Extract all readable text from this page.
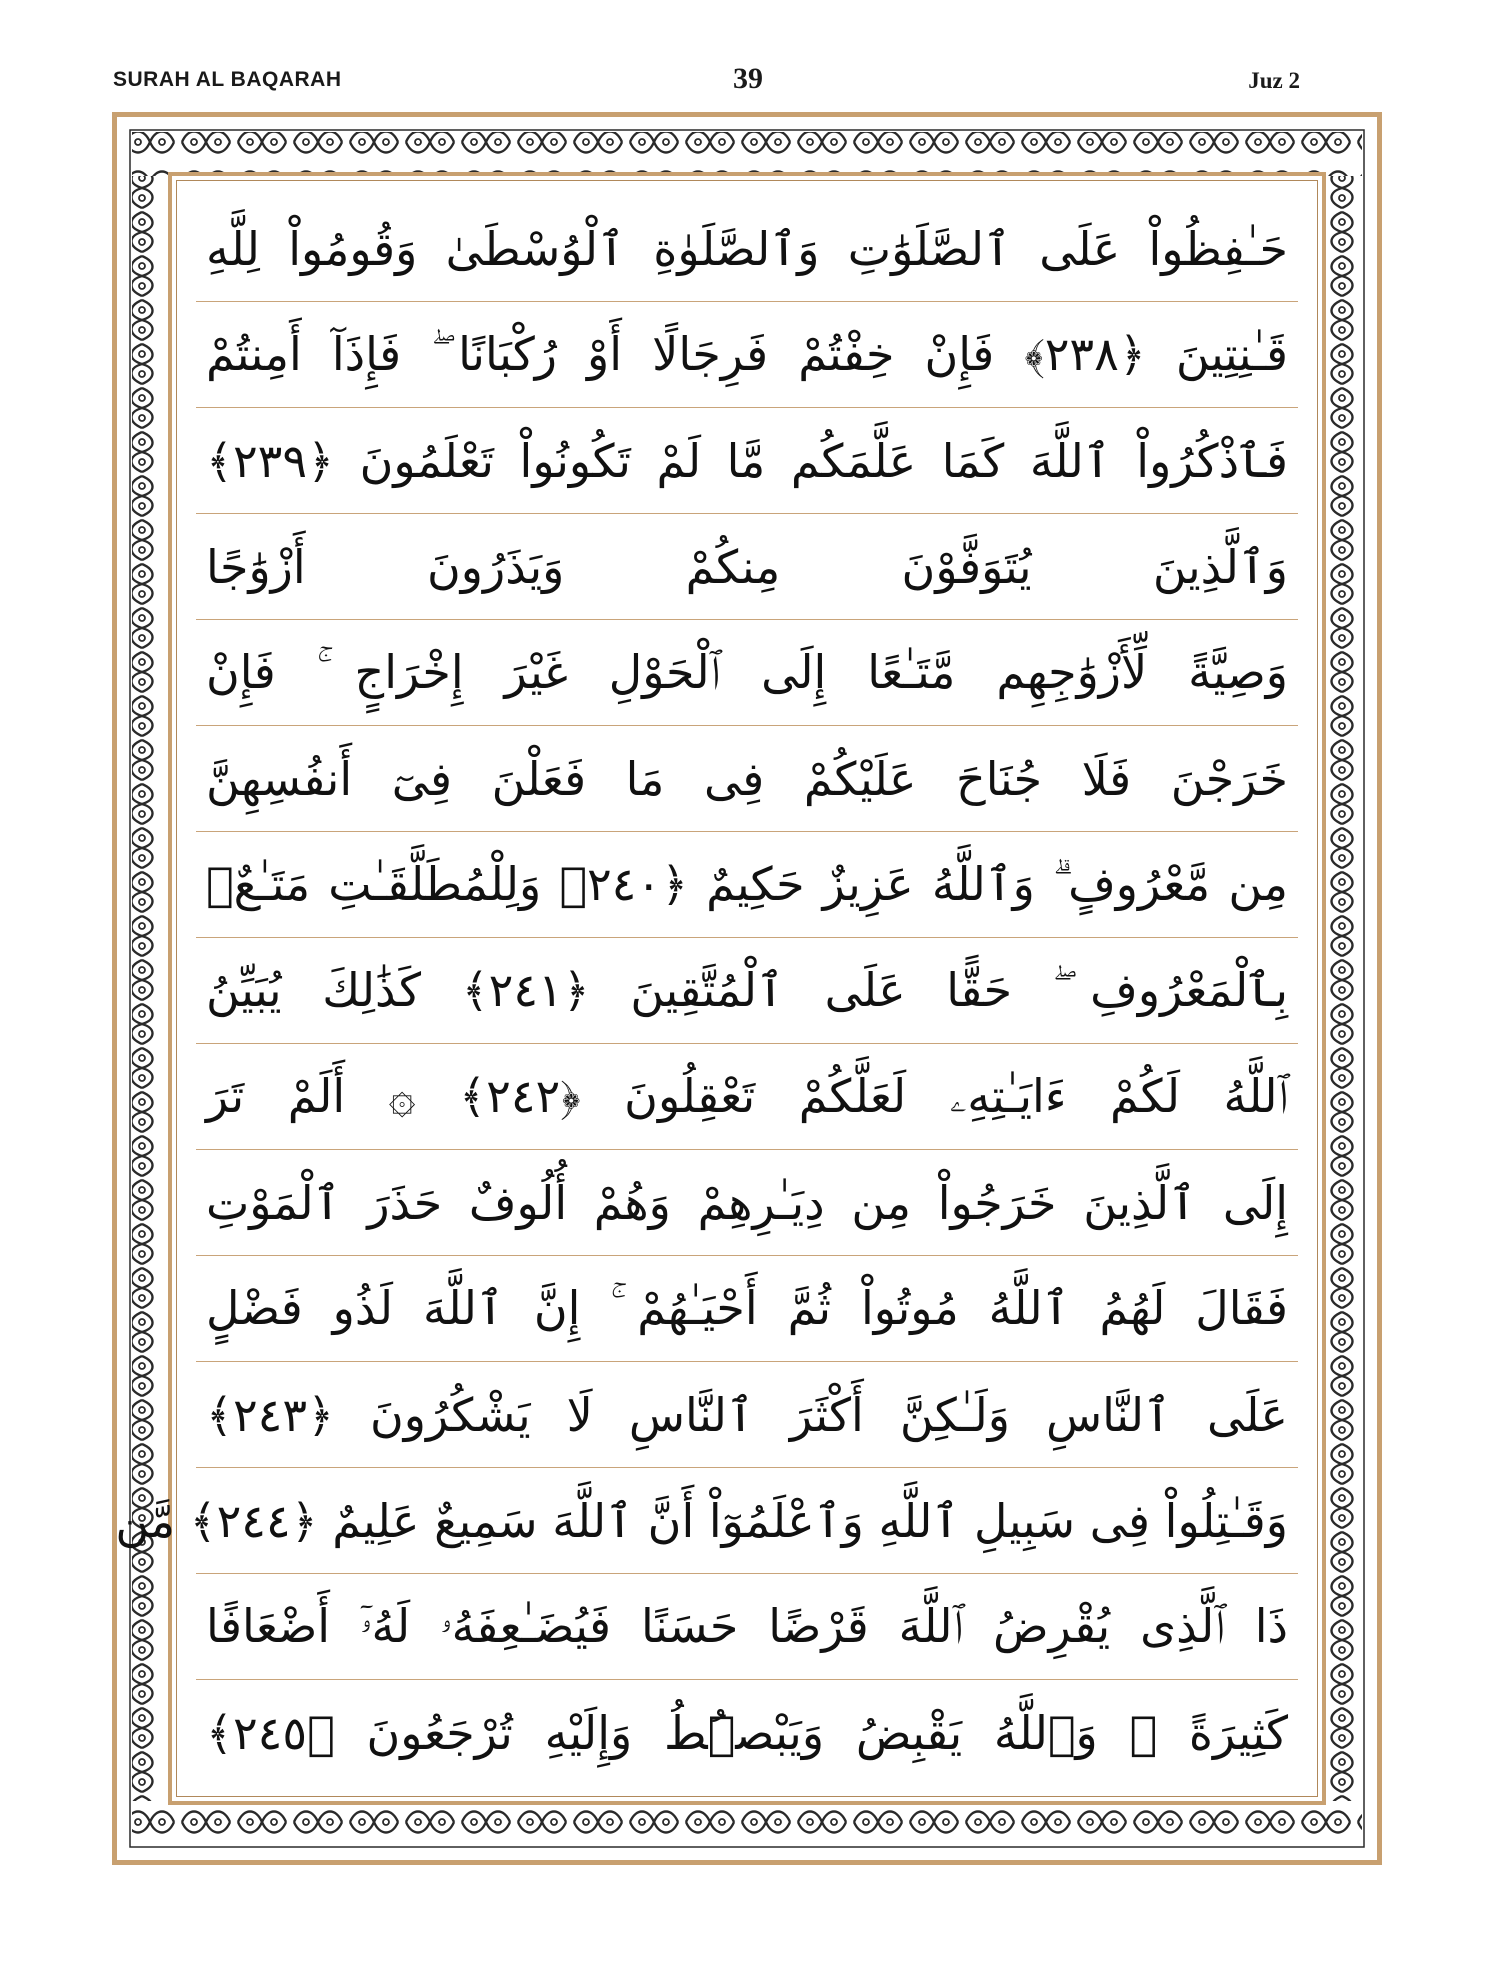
SURAH AL BAQARAH	39	Juz 2
حَـٰفِظُواْ عَلَى ٱلصَّلَوَٰتِ وَٱلصَّلَوٰةِ ٱلْوُسْطَىٰ وَقُومُواْ لِلَّهِ
قَـٰنِتِينَ ﴿٢٣٨﴾ فَإِنْ خِفْتُمْ فَرِجَالًا أَوْ رُكْبَانًا ۖ فَإِذَآ أَمِنتُمْ
فَٱذْكُرُواْ ٱللَّهَ كَمَا عَلَّمَكُم مَّا لَمْ تَكُونُواْ تَعْلَمُونَ ﴿٢٣٩﴾
وَٱلَّذِينَ يُتَوَفَّوْنَ مِنكُمْ وَيَذَرُونَ أَزْوَٰجًا
وَصِيَّةً لِّأَزْوَٰجِهِم مَّتَـٰعًا إِلَى ٱلْحَوْلِ غَيْرَ إِخْرَاجٍ ۚ فَإِنْ
خَرَجْنَ فَلَا جُنَاحَ عَلَيْكُمْ فِى مَا فَعَلْنَ فِىٓ أَنفُسِهِنَّ
مِن مَّعْرُوفٍ ۗ وَٱللَّهُ عَزِيزٌ حَكِيمٌ ﴿٢٤٠﴾ وَلِلْمُطَلَّقَـٰتِ مَتَـٰعٌۢ
بِٱلْمَعْرُوفِ ۖ حَقًّا عَلَى ٱلْمُتَّقِينَ ﴿٢٤١﴾ كَذَٰلِكَ يُبَيِّنُ
ٱللَّهُ لَكُمْ ءَايَـٰتِهِۦ لَعَلَّكُمْ تَعْقِلُونَ ﴿٢٤٢﴾ ۞ أَلَمْ تَرَ
إِلَى ٱلَّذِينَ خَرَجُواْ مِن دِيَـٰرِهِمْ وَهُمْ أُلُوفٌ حَذَرَ ٱلْمَوْتِ
فَقَالَ لَهُمُ ٱللَّهُ مُوتُواْ ثُمَّ أَحْيَـٰهُمْ ۚ إِنَّ ٱللَّهَ لَذُو فَضْلٍ
عَلَى ٱلنَّاسِ وَلَـٰكِنَّ أَكْثَرَ ٱلنَّاسِ لَا يَشْكُرُونَ ﴿٢٤٣﴾
وَقَـٰتِلُواْ فِى سَبِيلِ ٱللَّهِ وَٱعْلَمُوٓاْ أَنَّ ٱللَّهَ سَمِيعٌ عَلِيمٌ ﴿٢٤٤﴾ مَّن
ذَا ٱلَّذِى يُقْرِضُ ٱللَّهَ قَرْضًا حَسَنًا فَيُضَـٰعِفَهُۥ لَهُۥٓ أَضْعَافًا
كَثِيرَةً ۚ وَٱللَّهُ يَقْبِضُ وَيَبْصُۜطُ وَإِلَيْهِ تُرْجَعُونَ ﴿٢٤٥﴾
